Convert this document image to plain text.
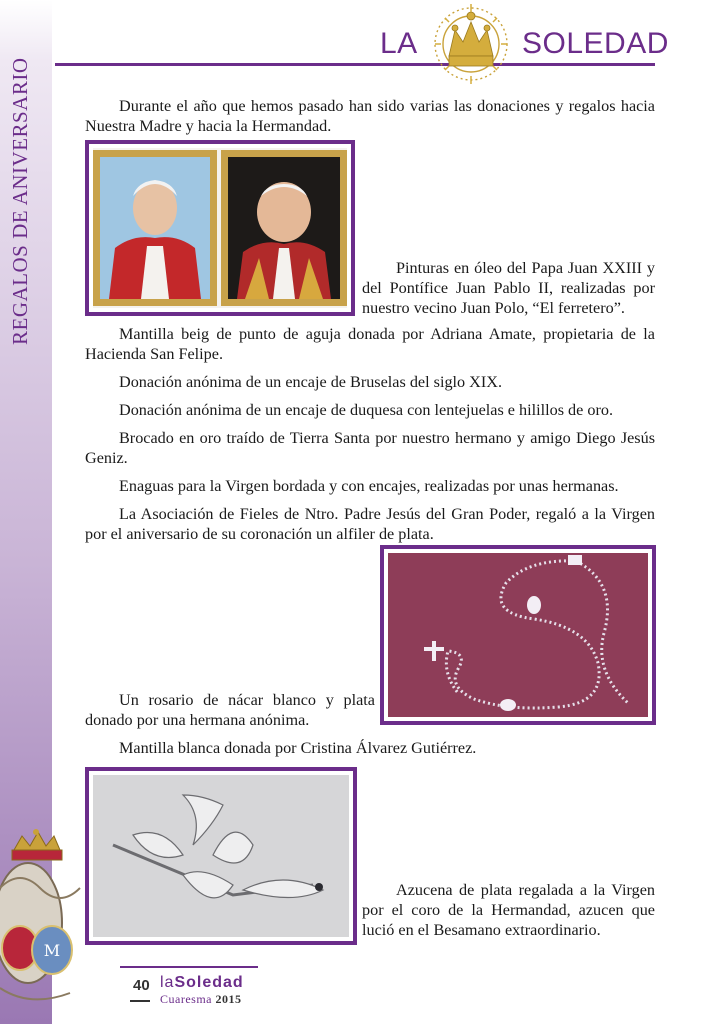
REGALOS DE ANIVERSARIO
M
LA	SOLEDAD
Durante el año que hemos pasado han sido varias las donaciones y regalos hacia Nuestra Madre y hacia la Hermandad.
Pinturas en óleo del Papa Juan XXIII y del Pontífice Juan Pablo II, realizadas por nuestro vecino Juan Polo, “El ferretero”.
Mantilla beig de punto de aguja donada por Adriana Amate, propietaria de la Hacienda San Felipe.
Donación anónima de un encaje de Bruselas del siglo XIX.
Donación anónima de un encaje de duquesa con lentejuelas e hilillos de oro.
Brocado en oro traído de Tierra Santa por nuestro hermano y amigo Diego Jesús Geniz.
Enaguas para la Virgen bordada y con encajes, realizadas por unas hermanas.
La Asociación de Fieles de Ntro. Padre Jesús del Gran Poder, regaló a la Virgen por el aniversario de su coronación un alfiler de plata.
Un rosario de nácar blanco y plata donado por una hermana anónima.
Mantilla blanca donada por Cristina Álvarez Gutiérrez.
Azucena de plata regalada a la Virgen por el coro de la Hermandad, azucen que lució en el Besamano extraordinario.
40 laSoledad
Cuaresma 2015
